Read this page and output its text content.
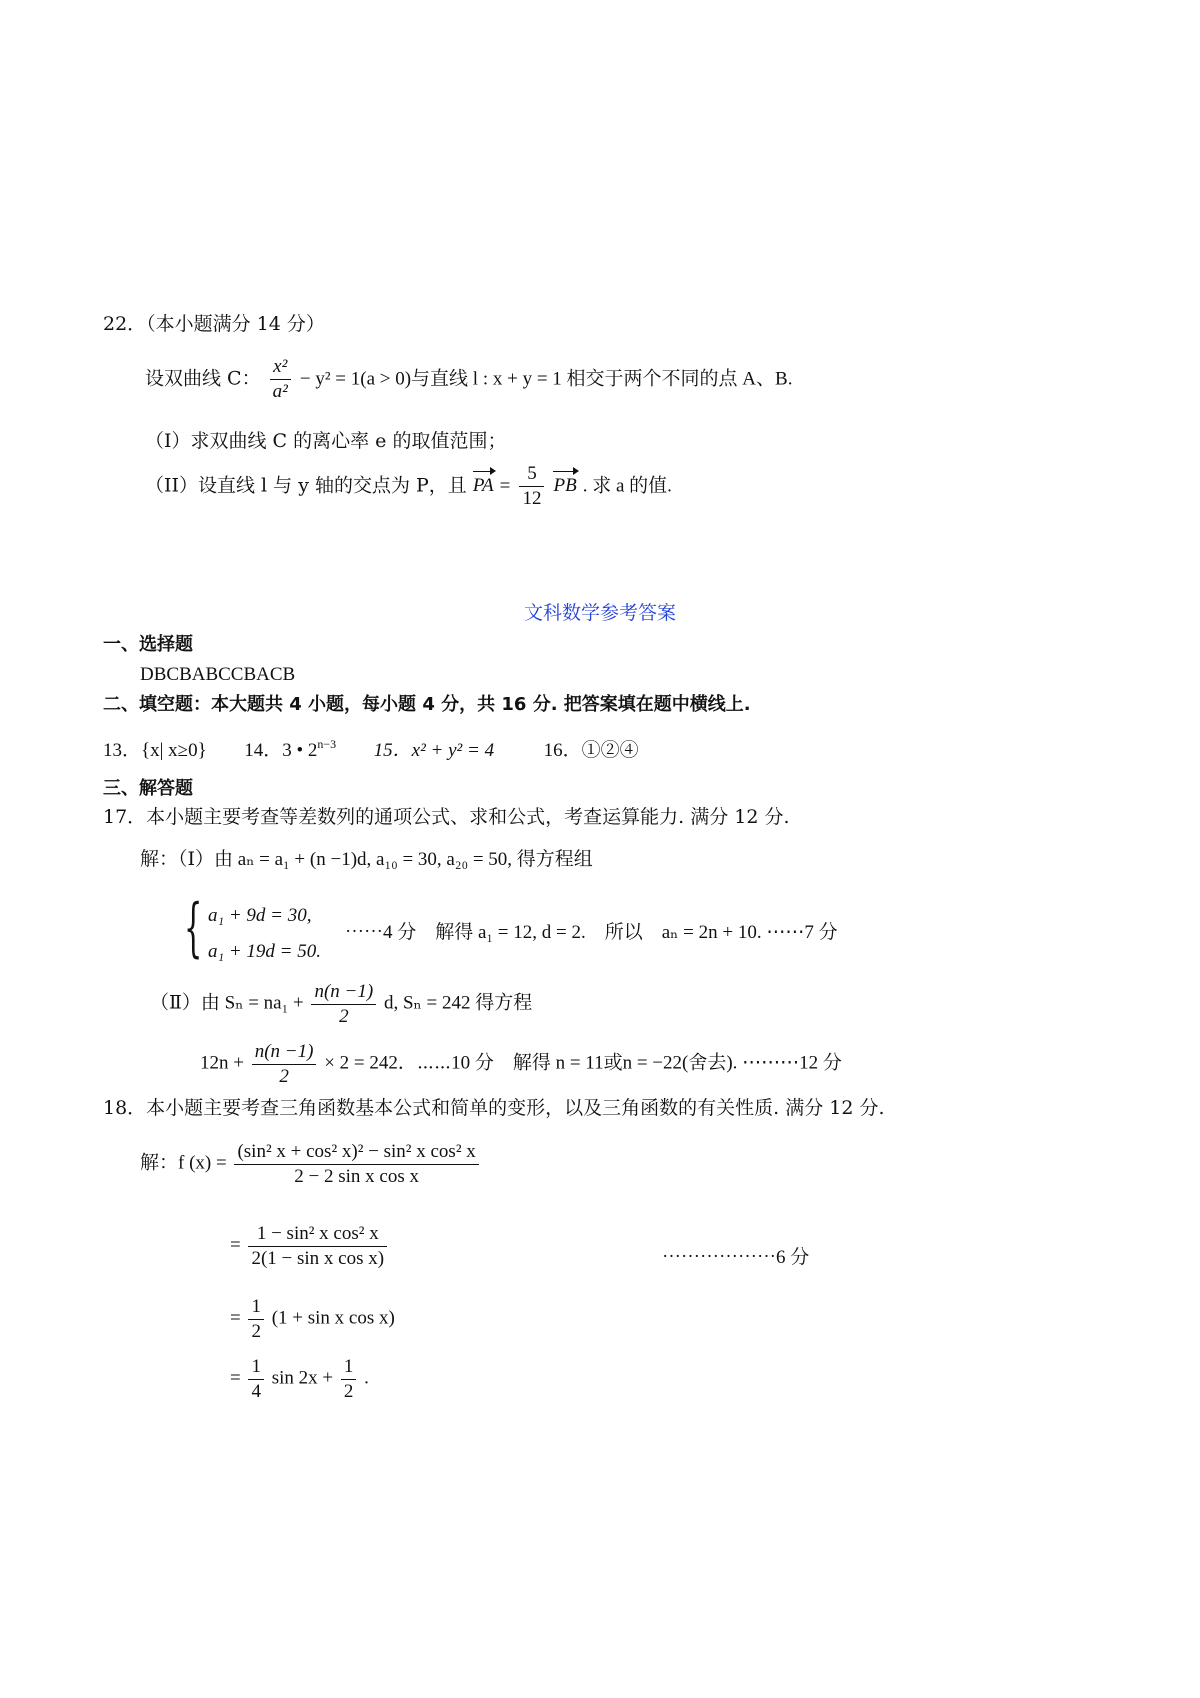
22．（本小题满分 14 分）
设双曲线 C： $\frac{\text{x²}}{\text{a²}} - y^2 = 1(a > 0)$与直线 l : x + y = 1 相交于两个不同的点 A、B.
（I）求双曲线 C 的离心率 e 的取值范围；
（II）设直线 l 与 y 轴的交点为 P，且 PA = $\frac{5}{12}$ PB . 求 a 的值.
文科数学参考答案
一、选择题
DBCBABCCBACB
二、填空题：本大题共 4 小题，每小题 4 分，共 16 分. 把答案填在题中横线上.
13．{x| x≥0} 14．3 • $2^{n-3}$ 15．x² + y² = 4	16．①②④
三、解答题
17．本小题主要考查等差数列的通项公式、求和公式，考查运算能力. 满分 12 分.
解：（Ⅰ）由 aₙ = a₁ + (n −1)d, a₁₀ = 30, a₂₀ = 50, 得方程组
{ a₁ + 9d = 30,
a₁ + 19d = 50.
⋯⋯4 分　解得 a₁ = 12, d = 2.　所以　aₙ = 2n + 10. ⋯⋯7 分
（Ⅱ）由 $S_n = na_1 + \frac{n(n -1)}{2} d$, Sₙ = 242 得方程
$12n + \frac{n(n -1)}{2} \times 2 = 242$．⋯⋯10 分　解得 n = 11或n = −22(舍去). ⋯⋯⋯12 分
18．本小题主要考查三角函数基本公式和简单的变形，以及三角函数的有关性质. 满分 12 分.
解：f $(x) = \frac{\text{(sin² x + cos² x)² − sin² x cos² x}}{\text{2 − 2 sin x cos x}}$
= $\frac{\text{1 − sin² x cos² x}}{\text{2(1 − sin x cos x)}}$	⋯⋯⋯⋯⋯⋯6 分
= $\frac{1}{2} (1 + \sin x$ cos x)
= $\frac{1}{4}$ $\sin 2x + \frac{1}{2}$ .
